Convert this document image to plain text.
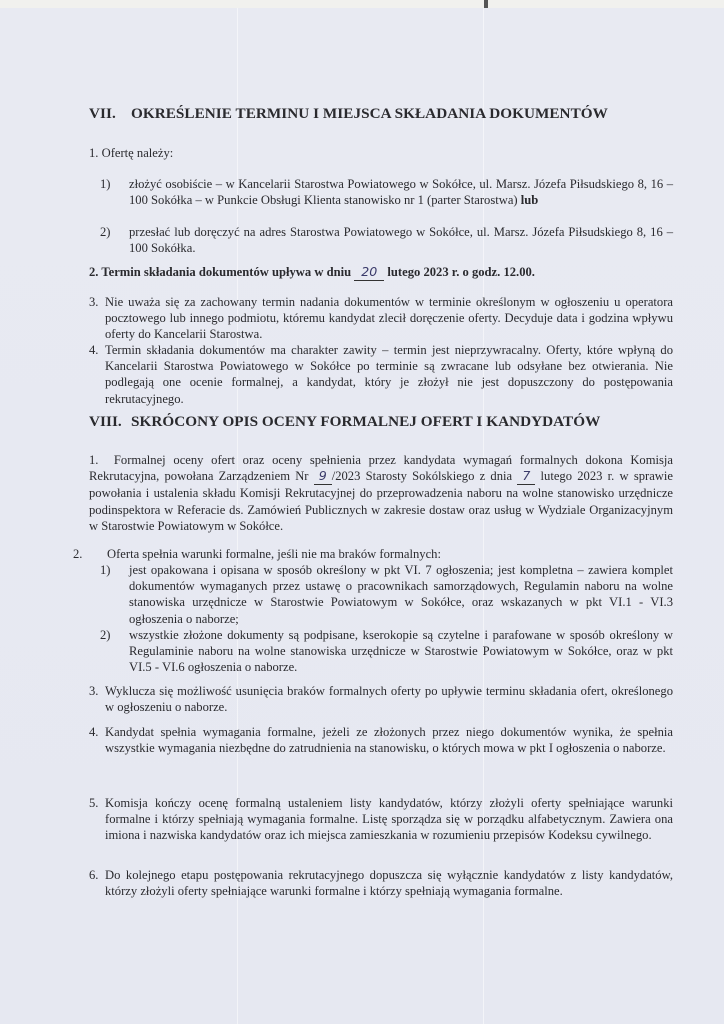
VII. OKREŚLENIE TERMINU I MIEJSCA SKŁADANIA DOKUMENTÓW
1. Ofertę należy:
1) złożyć osobiście – w Kancelarii Starostwa Powiatowego w Sokółce, ul. Marsz. Józefa Piłsudskiego 8, 16 – 100 Sokółka – w Punkcie Obsługi Klienta stanowisko nr 1 (parter Starostwa) lub
2) przesłać lub doręczyć na adres Starostwa Powiatowego w Sokółce, ul. Marsz. Józefa Piłsudskiego 8, 16 – 100 Sokółka.
2. Termin składania dokumentów upływa w dniu 20 lutego 2023 r. o godz. 12.00.
3. Nie uważa się za zachowany termin nadania dokumentów w terminie określonym w ogłoszeniu u operatora pocztowego lub innego podmiotu, któremu kandydat zlecił doręczenie oferty. Decyduje data i godzina wpływu oferty do Kancelarii Starostwa.
4. Termin składania dokumentów ma charakter zawity – termin jest nieprzywracalny. Oferty, które wpłyną do Kancelarii Starostwa Powiatowego w Sokółce po terminie są zwracane lub odsyłane bez otwierania. Nie podlegają one ocenie formalnej, a kandydat, który je złożył nie jest dopuszczony do postępowania rekrutacyjnego.
VIII. SKRÓCONY OPIS OCENY FORMALNEJ OFERT I KANDYDATÓW
1. Formalnej oceny ofert oraz oceny spełnienia przez kandydata wymagań formalnych dokona Komisja Rekrutacyjna, powołana Zarządzeniem Nr 9 /2023 Starosty Sokólskiego z dnia 7 lutego 2023 r. w sprawie powołania i ustalenia składu Komisji Rekrutacyjnej do przeprowadzenia naboru na wolne stanowisko urzędnicze podinspektora w Referacie ds. Zamówień Publicznych w zakresie dostaw oraz usług w Wydziale Organizacyjnym w Starostwie Powiatowym w Sokółce.
2. Oferta spełnia warunki formalne, jeśli nie ma braków formalnych:
1) jest opakowana i opisana w sposób określony w pkt VI. 7 ogłoszenia; jest kompletna – zawiera komplet dokumentów wymaganych przez ustawę o pracownikach samorządowych, Regulamin naboru na wolne stanowiska urzędnicze w Starostwie Powiatowym w Sokółce, oraz wskazanych w pkt VI.1 - VI.3 ogłoszenia o naborze;
2) wszystkie złożone dokumenty są podpisane, kserokopie są czytelne i parafowane w sposób określony w Regulaminie naboru na wolne stanowiska urzędnicze w Starostwie Powiatowym w Sokółce, oraz w pkt VI.5 - VI.6 ogłoszenia o naborze.
3. Wyklucza się możliwość usunięcia braków formalnych oferty po upływie terminu składania ofert, określonego w ogłoszeniu o naborze.
4. Kandydat spełnia wymagania formalne, jeżeli ze złożonych przez niego dokumentów wynika, że spełnia wszystkie wymagania niezbędne do zatrudnienia na stanowisku, o których mowa w pkt I ogłoszenia o naborze.
5. Komisja kończy ocenę formalną ustaleniem listy kandydatów, którzy złożyli oferty spełniające warunki formalne i którzy spełniają wymagania formalne. Listę sporządza się w porządku alfabetycznym. Zawiera ona imiona i nazwiska kandydatów oraz ich miejsca zamieszkania w rozumieniu przepisów Kodeksu cywilnego.
6. Do kolejnego etapu postępowania rekrutacyjnego dopuszcza się wyłącznie kandydatów z listy kandydatów, którzy złożyli oferty spełniające warunki formalne i którzy spełniają wymagania formalne.
